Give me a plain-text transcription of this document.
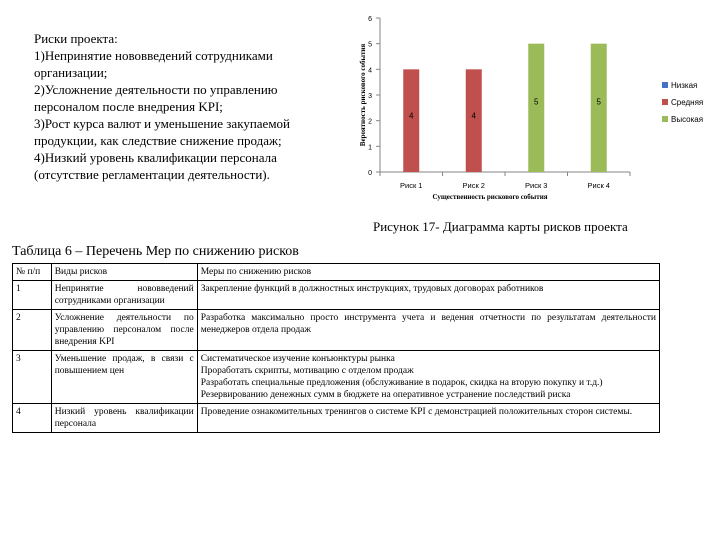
Риски проекта:
1)Непринятие нововведений сотрудниками организации;
2)Усложнение деятельности по управлению персоналом после внедрения KPI;
3)Рост курса валют и уменьшение закупаемой продукции, как следствие снижение продаж;
4)Низкий уровень квалификации персонала (отсутствие регламентации деятельности).	0
1
2
3
4
5
6
Вероятность рискового события	4
Риск 1
4
Риск 2
5
Риск 3
5
Риск 4
Существенность рискового события
Низкая
Средняя
Высокая
Рисунок 17- Диаграмма карты рисков проекта
Таблица 6 – Перечень Мер по снижению рисков
№ п/п	Виды рисков	Меры по снижению рисков
1	Непринятие нововведений сотрудниками организации	Закрепление функций в должностных инструкциях, трудовых договорах работников

2	Усложнение деятельности по управлению персоналом после внедрения KPI	Разработка максимально просто инструмента учета и ведения отчетности по результатам деятельности менеджеров отдела продаж

3	Уменьшение продаж, в связи с повышением цен	Систематическое изучение конъюнктуры рынка
Проработать скрипты, мотивацию с отделом продаж
Разработать специальные предложения (обслуживание в подарок, скидка на вторую покупку и т.д.)
Резервированию денежных сумм в бюджете на оперативное устранение последствий риска

4	Низкий уровень квалификации персонала	Проведение ознакомительных тренингов о системе KPI с демонстрацией положительных сторон системы.
